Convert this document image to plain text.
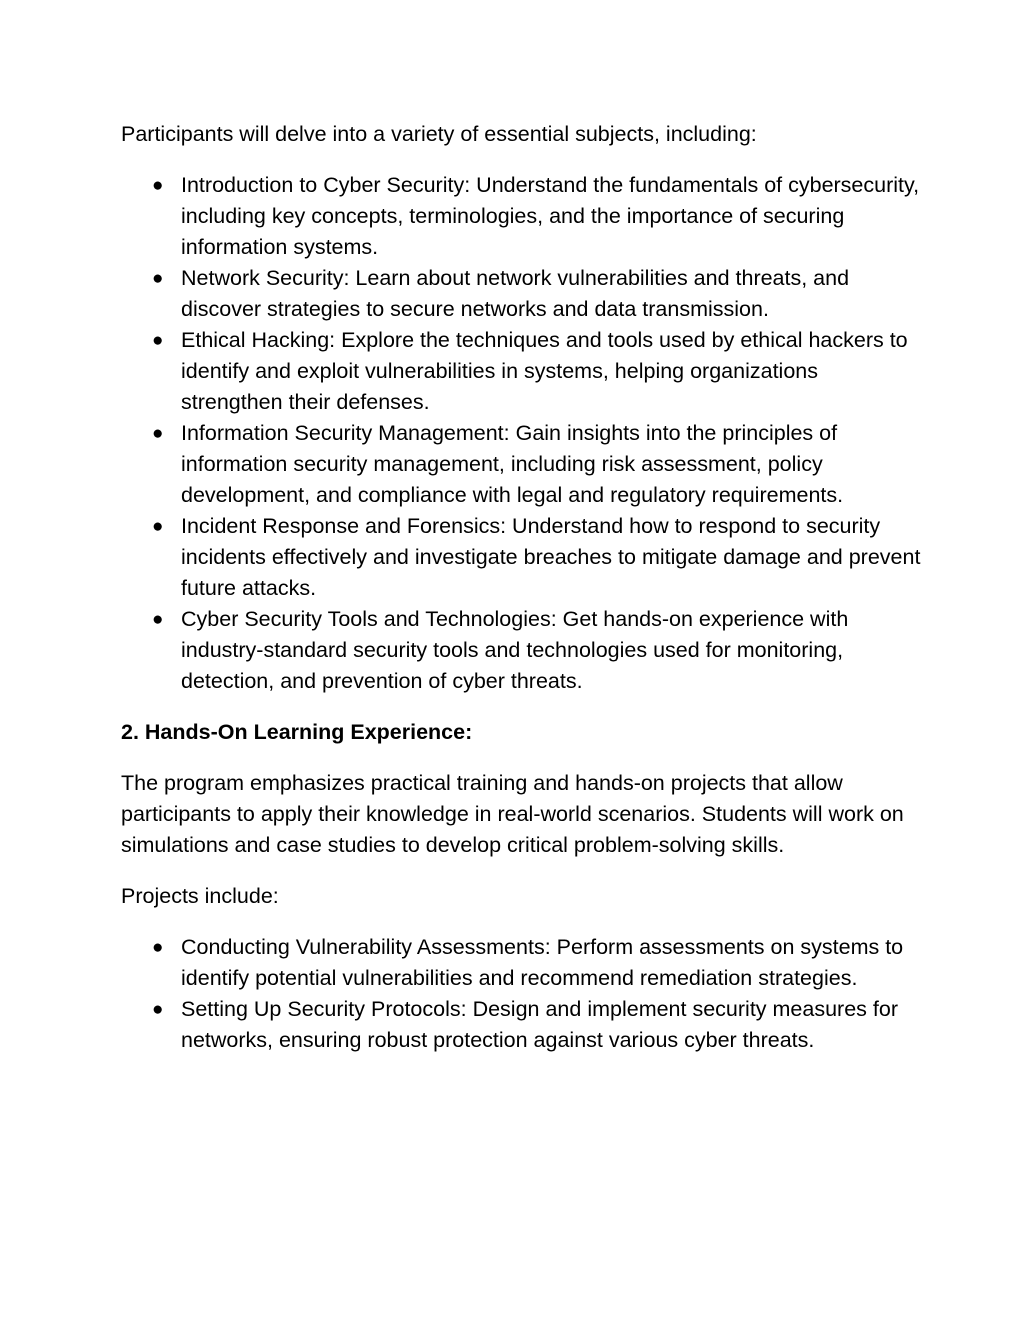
Participants will delve into a variety of essential subjects, including:

● Introduction to Cyber Security: Understand the fundamentals of cybersecurity, including key concepts, terminologies, and the importance of securing information systems.
● Network Security: Learn about network vulnerabilities and threats, and discover strategies to secure networks and data transmission.
● Ethical Hacking: Explore the techniques and tools used by ethical hackers to identify and exploit vulnerabilities in systems, helping organizations strengthen their defenses.
● Information Security Management: Gain insights into the principles of information security management, including risk assessment, policy development, and compliance with legal and regulatory requirements.
● Incident Response and Forensics: Understand how to respond to security incidents effectively and investigate breaches to mitigate damage and prevent future attacks.
● Cyber Security Tools and Technologies: Get hands-on experience with industry-standard security tools and technologies used for monitoring, detection, and prevention of cyber threats.

2. Hands-On Learning Experience:

The program emphasizes practical training and hands-on projects that allow participants to apply their knowledge in real-world scenarios. Students will work on simulations and case studies to develop critical problem-solving skills.

Projects include:

● Conducting Vulnerability Assessments: Perform assessments on systems to identify potential vulnerabilities and recommend remediation strategies.
● Setting Up Security Protocols: Design and implement security measures for networks, ensuring robust protection against various cyber threats.
